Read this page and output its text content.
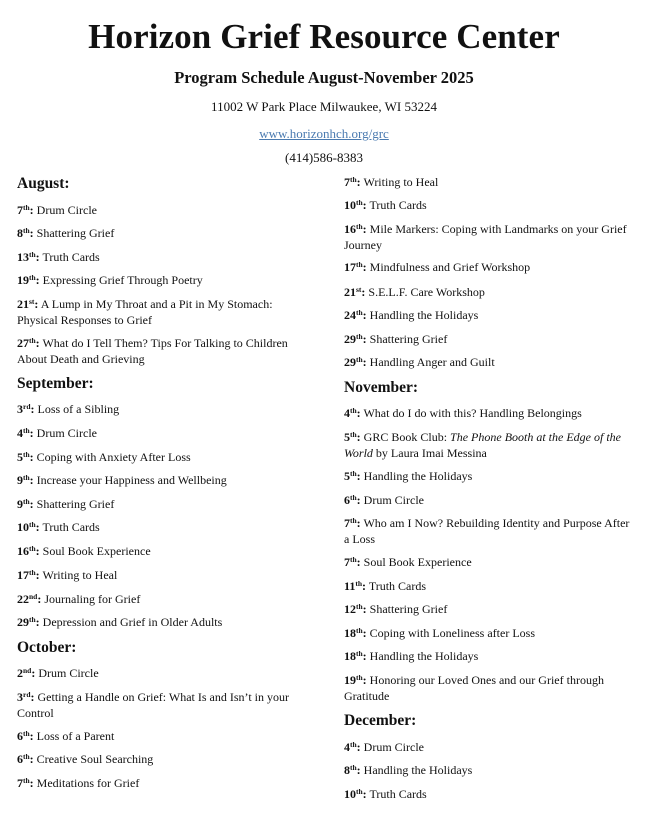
Horizon Grief Resource Center
Program Schedule August-November 2025

11002 W Park Place Milwaukee, WI 53224

www.horizonhch.org/grc

(414)586-8383

August:

7th: Drum Circle

8th: Shattering Grief

13th: Truth Cards

19th: Expressing Grief Through Poetry

21st: A Lump in My Throat and a Pit in My Stomach: Physical Responses to Grief

27th: What do I Tell Them? Tips For Talking to Children About Death and Grieving

September:

3rd: Loss of a Sibling

4th: Drum Circle

5th: Coping with Anxiety After Loss

9th: Increase your Happiness and Wellbeing

9th: Shattering Grief

10th: Truth Cards

16th: Soul Book Experience

17th: Writing to Heal

22nd: Journaling for Grief

29th: Depression and Grief in Older Adults

October:

2nd: Drum Circle

3rd: Getting a Handle on Grief: What Is and Isn’t in your Control

6th: Loss of a Parent

6th: Creative Soul Searching

7th: Meditations for Grief

7th: Writing to Heal

10th: Truth Cards

16th: Mile Markers: Coping with Landmarks on your Grief Journey

17th: Mindfulness and Grief Workshop

21st: S.E.L.F. Care Workshop

24th: Handling the Holidays

29th: Shattering Grief

29th: Handling Anger and Guilt

November:

4th: What do I do with this? Handling Belongings

5th: GRC Book Club: The Phone Booth at the Edge of the World by Laura Imai Messina

5th: Handling the Holidays

6th: Drum Circle

7th: Who am I Now? Rebuilding Identity and Purpose After a Loss

7th: Soul Book Experience

11th: Truth Cards

12th: Shattering Grief

18th: Coping with Loneliness after Loss

18th: Handling the Holidays

19th: Honoring our Loved Ones and our Grief through Gratitude

December:

4th: Drum Circle

8th: Handling the Holidays

10th: Truth Cards
